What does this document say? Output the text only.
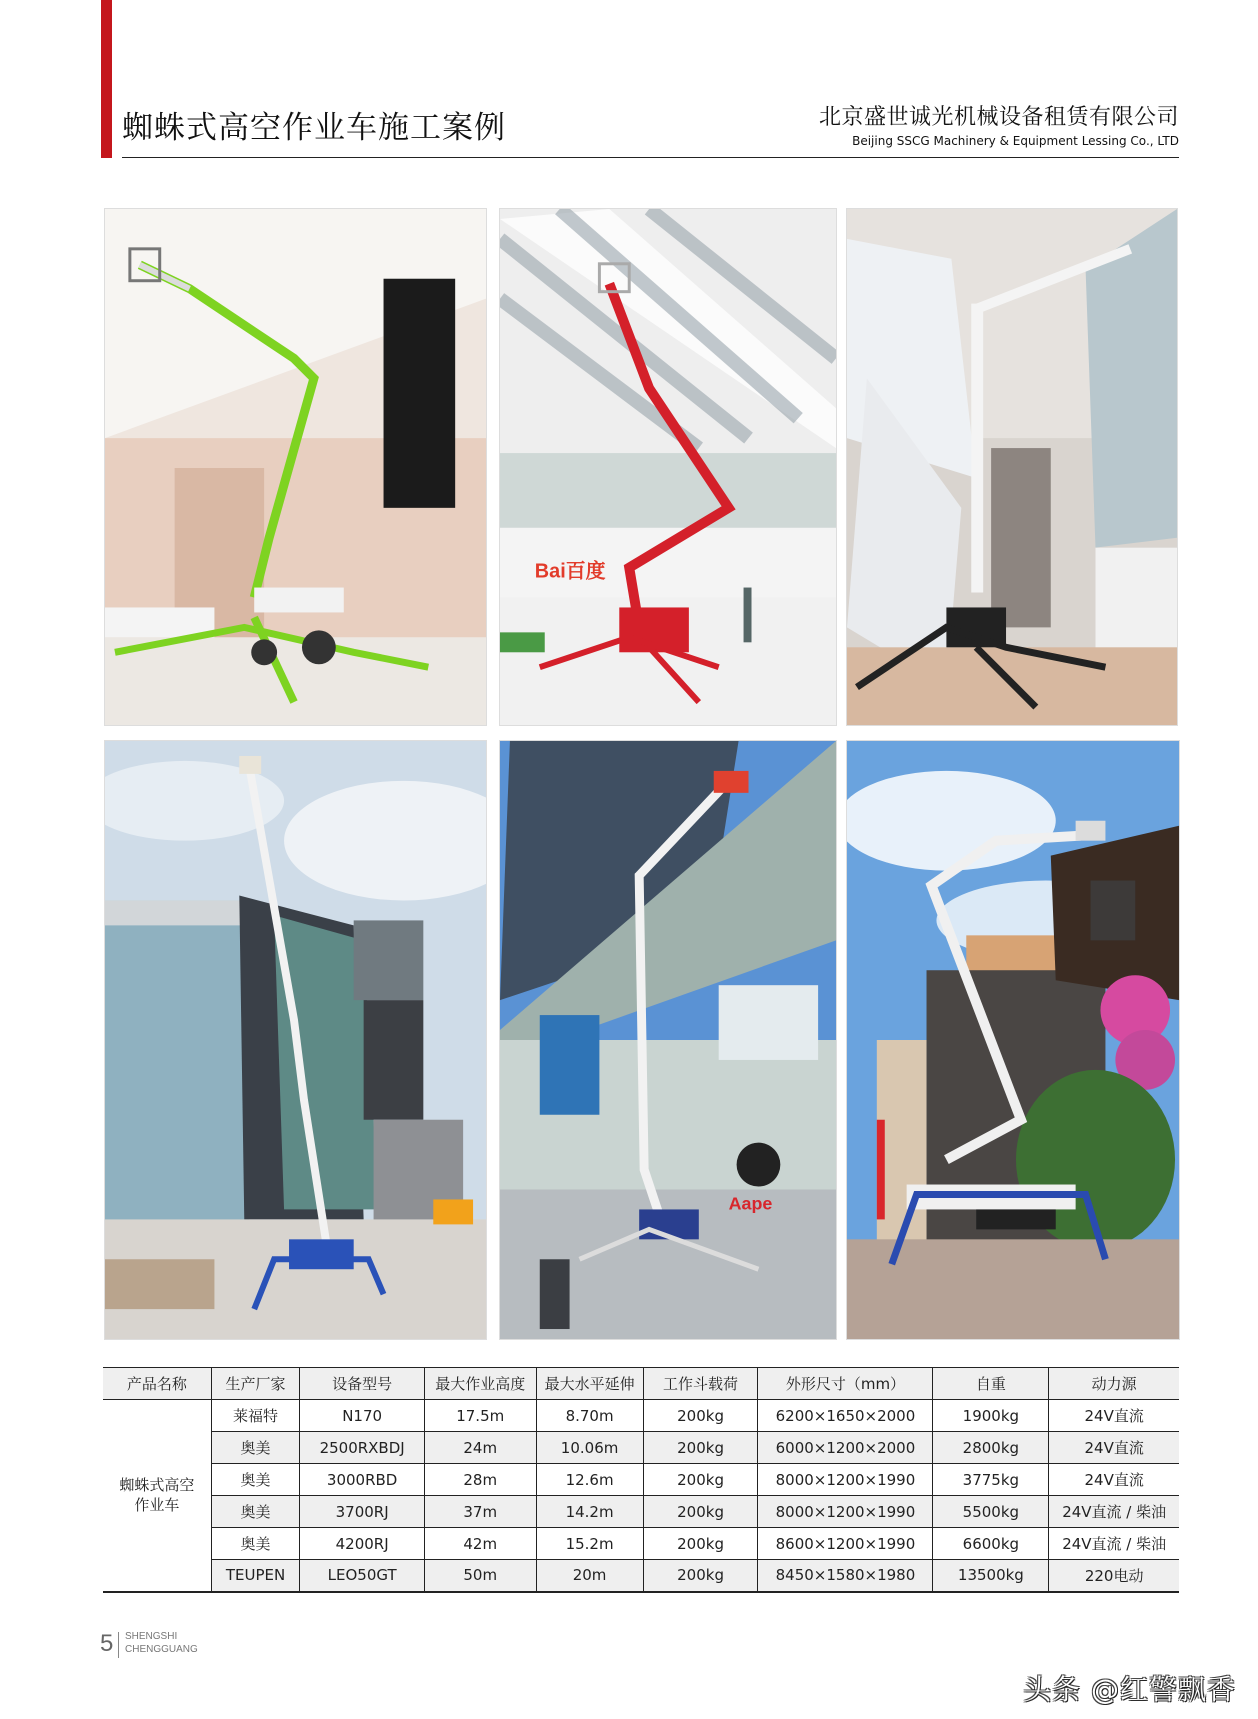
蜘蛛式高空作业车施工案例	北京盛世诚光机械设备租赁有限公司
Beijing SSCG Machinery & Equipment Lessing Co., LTD
Bai百度
Aape
产品名称	生产厂家	设备型号	最大作业高度	最大水平延伸	工作斗载荷	外形尺寸（mm）	自重	动力源

蜘蛛式高空
作业车	莱福特	N170	17.5m	8.70m	200kg	6200×1650×2000	1900kg	24V直流
	奥美	2500RXBDJ	24m	10.06m	200kg	6000×1200×2000	2800kg	24V直流
	奥美	3000RBD	28m	12.6m	200kg	8000×1200×1990	3775kg	24V直流
	奥美	3700RJ	37m	14.2m	200kg	8000×1200×1990	5500kg	24V直流 / 柴油
	奥美	4200RJ	42m	15.2m	200kg	8600×1200×1990	6600kg	24V直流 / 柴油
	TEUPEN	LEO50GT	50m	20m	200kg	8450×1580×1980	13500kg	220电动
5 SHENGSHI
CHENGGUANG
头条 @红警飘香
